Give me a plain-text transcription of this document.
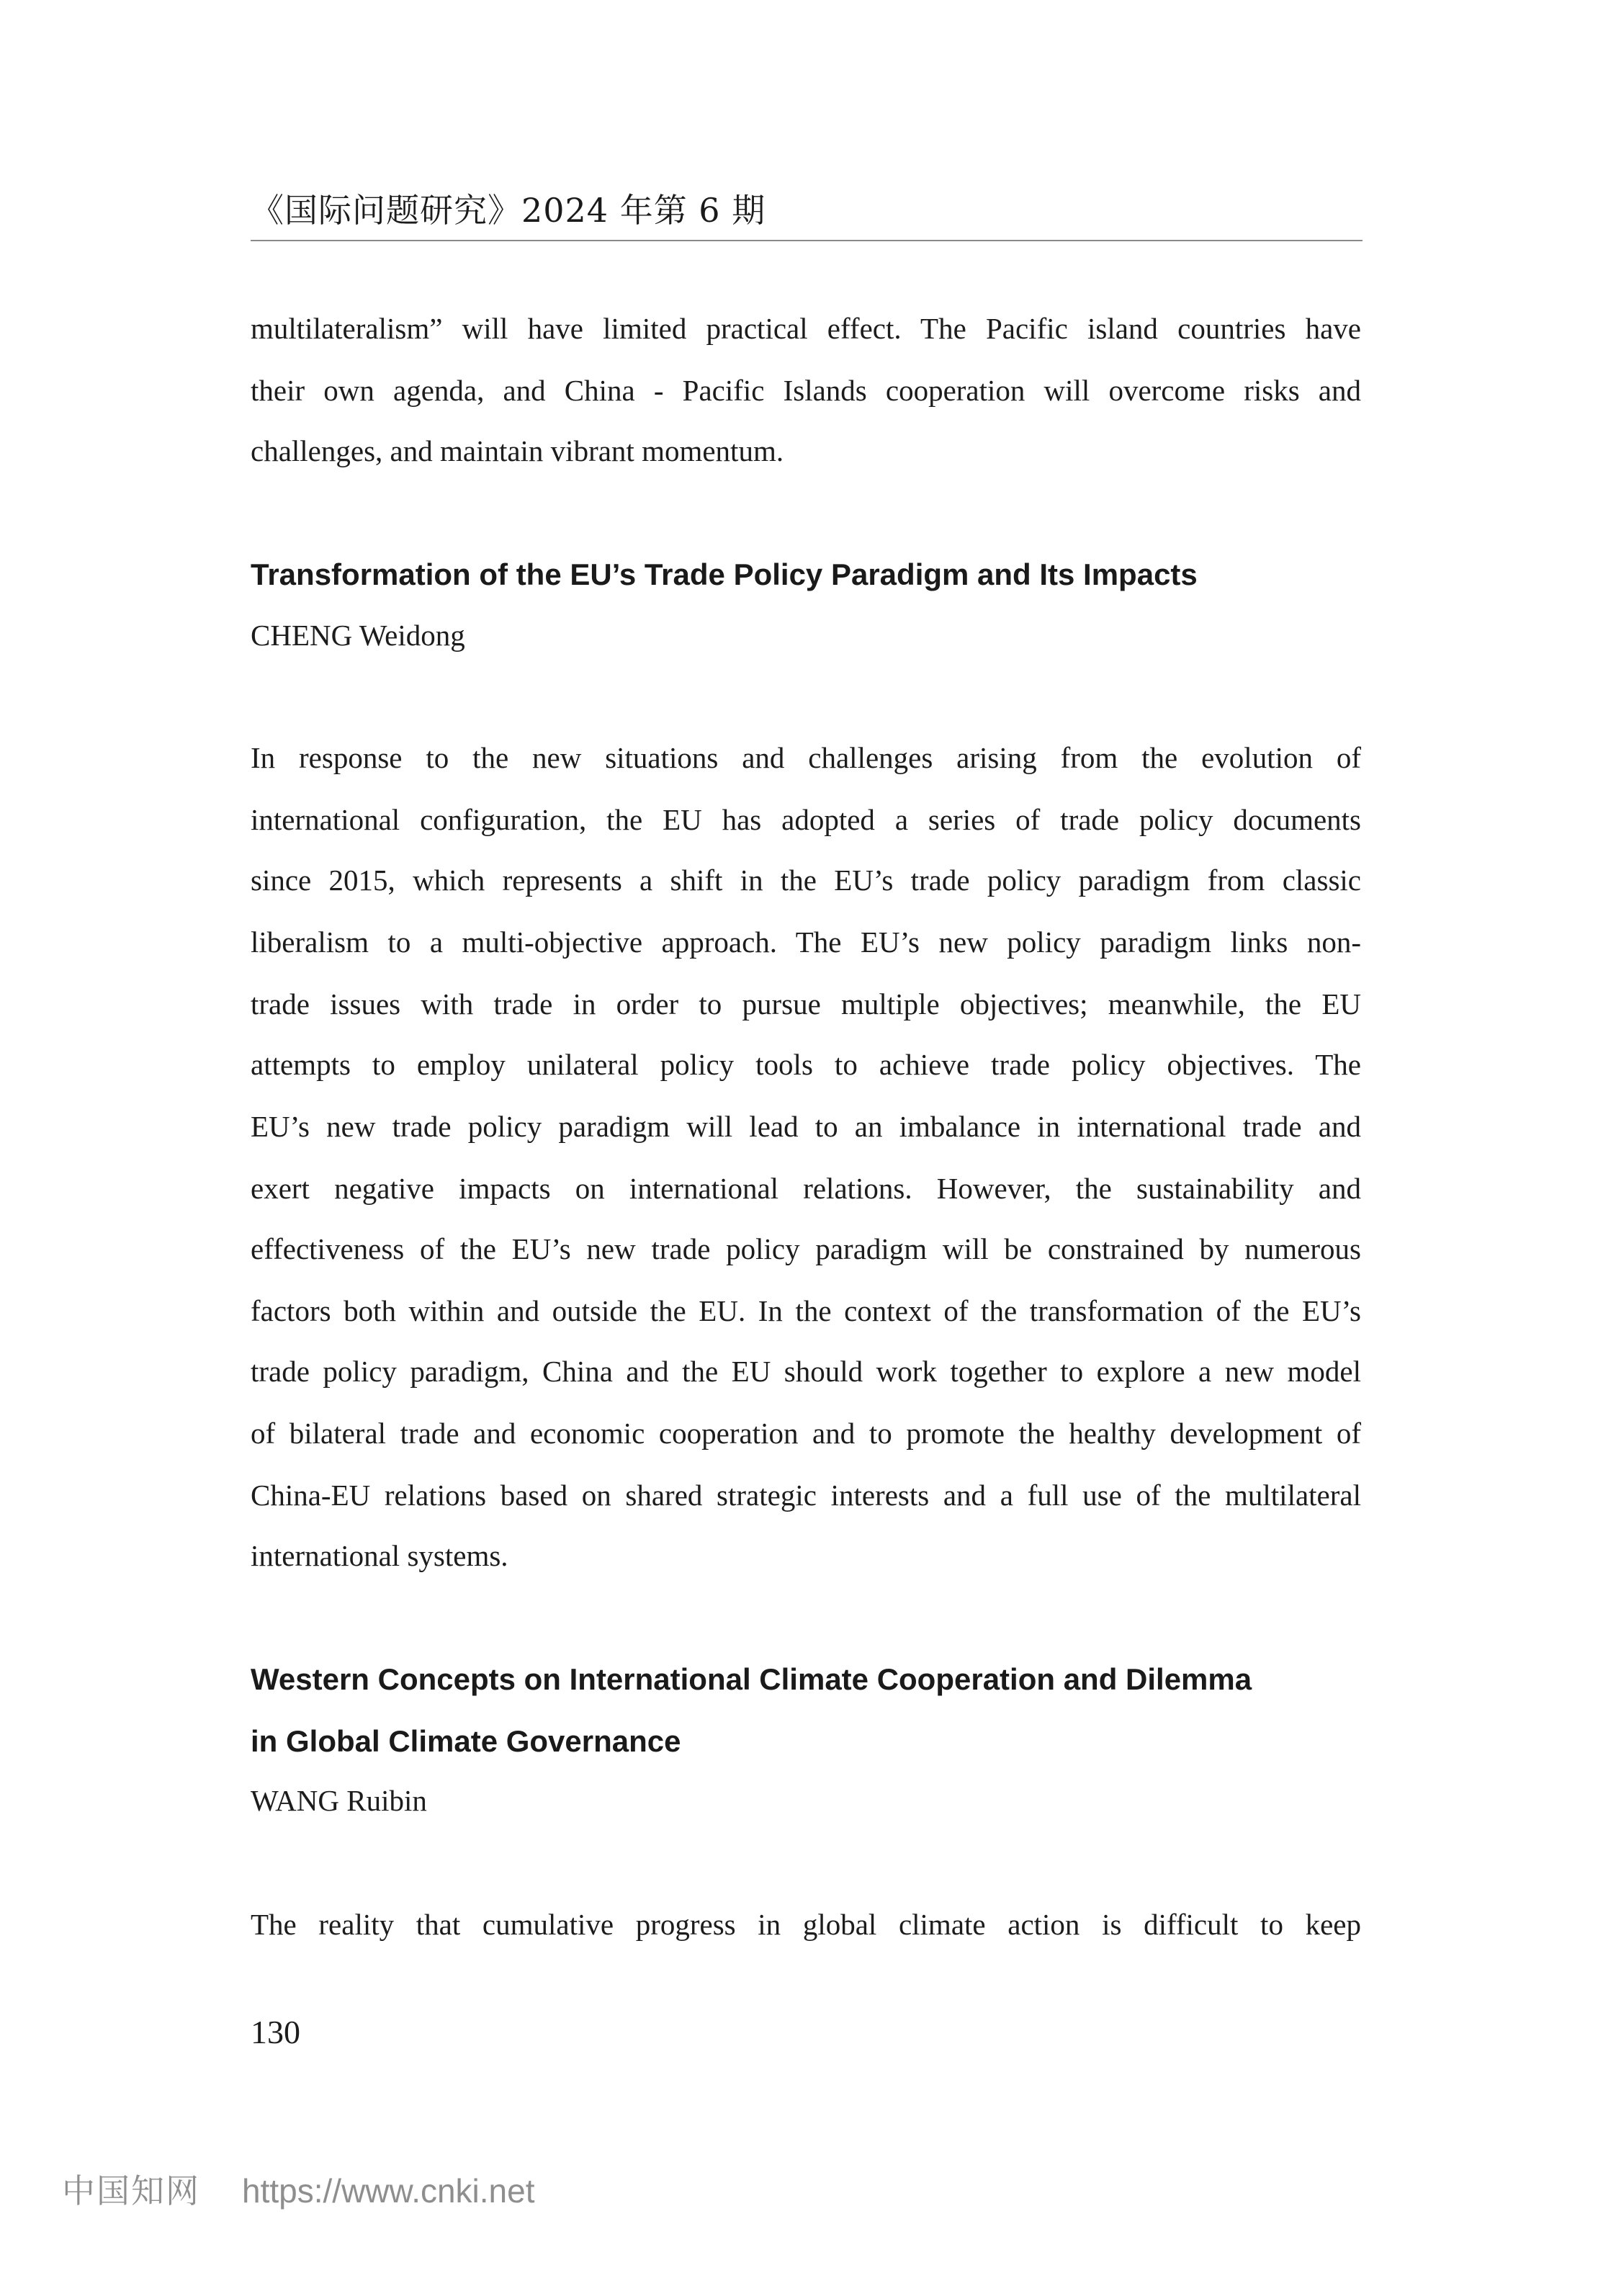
《国际问题研究》2024 年第 6 期
multilateralism” will have limited practical effect. The Pacific island countries have
their own agenda, and China - Pacific Islands cooperation will overcome risks and
challenges, and maintain vibrant momentum.
Transformation of the EU’s Trade Policy Paradigm and Its Impacts
CHENG Weidong
In response to the new situations and challenges arising from the evolution of
international configuration, the EU has adopted a series of trade policy documents
since 2015, which represents a shift in the EU’s trade policy paradigm from classic
liberalism to a multi-objective approach. The EU’s new policy paradigm links non-
trade issues with trade in order to pursue multiple objectives; meanwhile, the EU
attempts to employ unilateral policy tools to achieve trade policy objectives. The
EU’s new trade policy paradigm will lead to an imbalance in international trade and
exert negative impacts on international relations. However, the sustainability and
effectiveness of the EU’s new trade policy paradigm will be constrained by numerous
factors both within and outside the EU. In the context of the transformation of the EU’s
trade policy paradigm, China and the EU should work together to explore a new model
of bilateral trade and economic cooperation and to promote the healthy development of
China-EU relations based on shared strategic interests and a full use of the multilateral
international systems.
Western Concepts on International Climate Cooperation and Dilemma
in Global Climate Governance
WANG Ruibin
The reality that cumulative progress in global climate action is difficult to keep
130
中国知网 https://www.cnki.net
